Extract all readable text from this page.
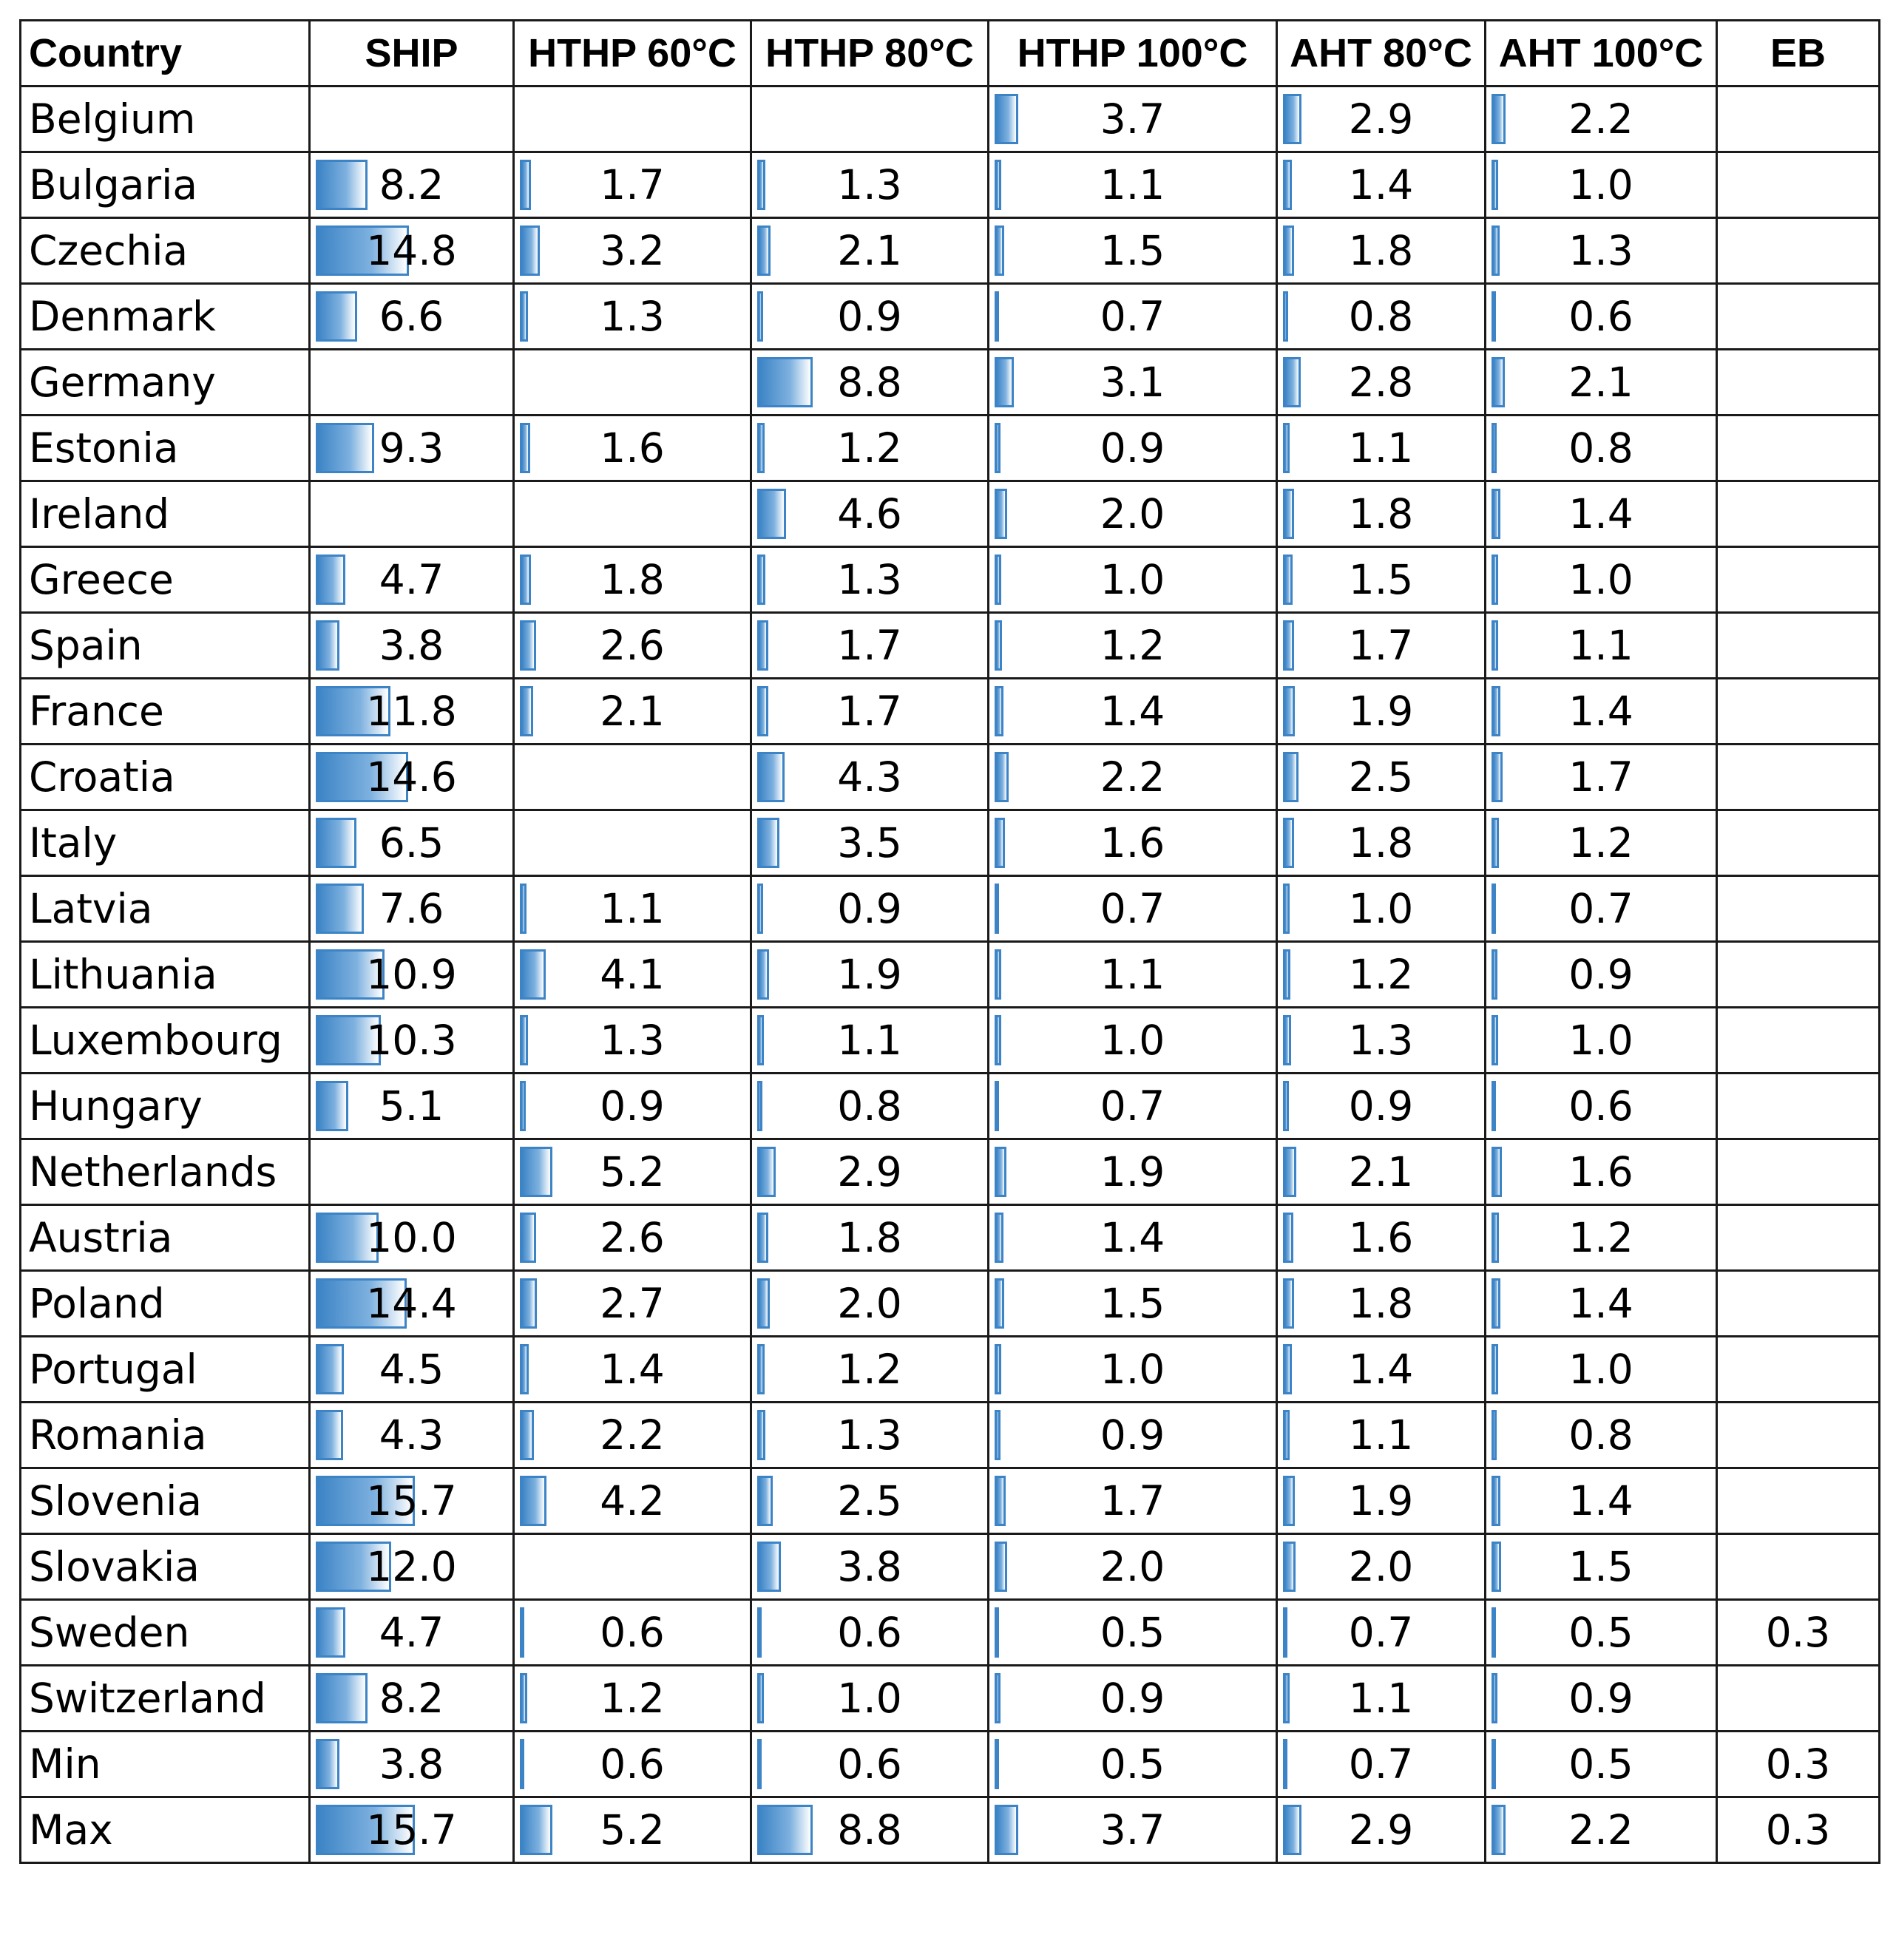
Country	SHIP	HTHP 60°C	HTHP 80°C	HTHP 100°C	AHT 80°C	AHT 100°C	EB
Belgium				3.7	2.9	2.2	

Bulgaria	8.2	1.7	1.3	1.1	1.4	1.0	

Czechia	14.8	3.2	2.1	1.5	1.8	1.3	

Denmark	6.6	1.3	0.9	0.7	0.8	0.6	

Germany			8.8	3.1	2.8	2.1	

Estonia	9.3	1.6	1.2	0.9	1.1	0.8	

Ireland			4.6	2.0	1.8	1.4	

Greece	4.7	1.8	1.3	1.0	1.5	1.0	

Spain	3.8	2.6	1.7	1.2	1.7	1.1	

France	11.8	2.1	1.7	1.4	1.9	1.4	

Croatia	14.6		4.3	2.2	2.5	1.7	

Italy	6.5		3.5	1.6	1.8	1.2	

Latvia	7.6	1.1	0.9	0.7	1.0	0.7	

Lithuania	10.9	4.1	1.9	1.1	1.2	0.9	

Luxembourg	10.3	1.3	1.1	1.0	1.3	1.0	

Hungary	5.1	0.9	0.8	0.7	0.9	0.6	

Netherlands		5.2	2.9	1.9	2.1	1.6	

Austria	10.0	2.6	1.8	1.4	1.6	1.2	

Poland	14.4	2.7	2.0	1.5	1.8	1.4	

Portugal	4.5	1.4	1.2	1.0	1.4	1.0	

Romania	4.3	2.2	1.3	0.9	1.1	0.8	

Slovenia	15.7	4.2	2.5	1.7	1.9	1.4	

Slovakia	12.0		3.8	2.0	2.0	1.5	

Sweden	4.7	0.6	0.6	0.5	0.7	0.5	0.3

Switzerland	8.2	1.2	1.0	0.9	1.1	0.9	

Min	3.8	0.6	0.6	0.5	0.7	0.5	0.3

Max	15.7	5.2	8.8	3.7	2.9	2.2	0.3
